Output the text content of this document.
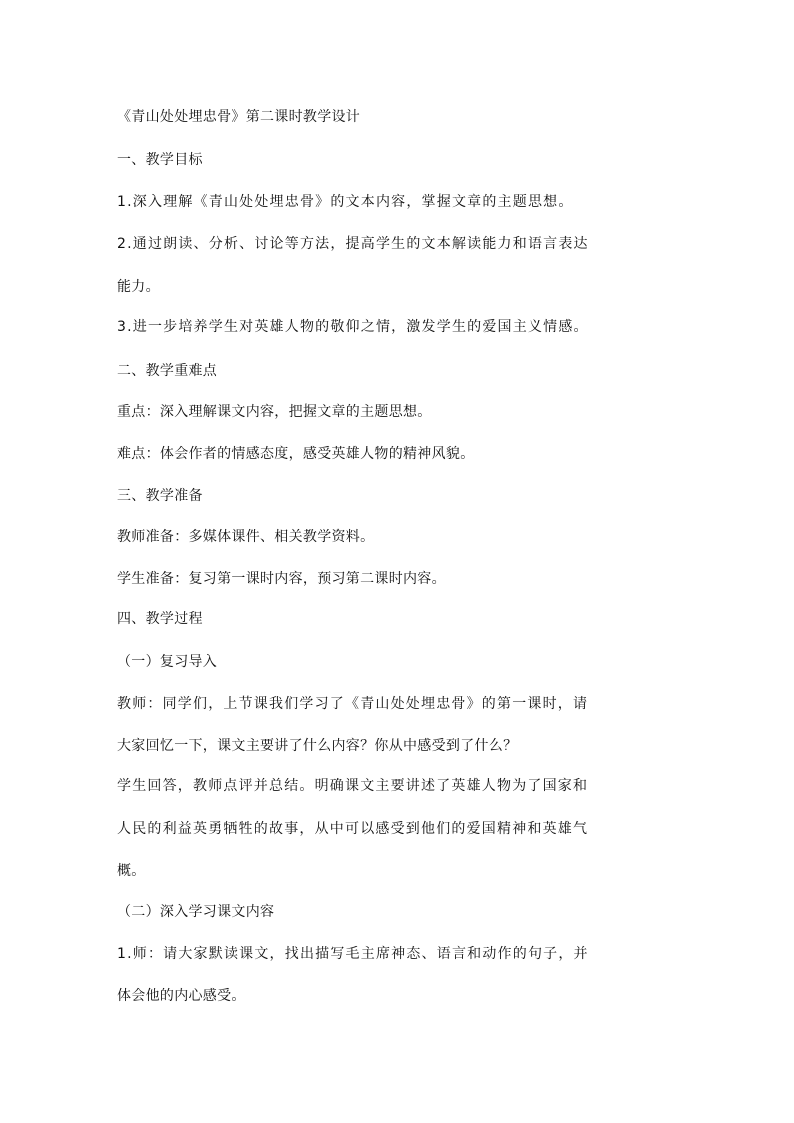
《青山处处埋忠骨》第二课时教学设计

一、教学目标

1.深入理解《青山处处埋忠骨》的文本内容，掌握文章的主题思想。

2.通过朗读、分析、讨论等方法，提高学生的文本解读能力和语言表达

能力。

3.进一步培养学生对英雄人物的敬仰之情，激发学生的爱国主义情感。

二、教学重难点

重点：深入理解课文内容，把握文章的主题思想。

难点：体会作者的情感态度，感受英雄人物的精神风貌。

三、教学准备

教师准备：多媒体课件、相关教学资料。

学生准备：复习第一课时内容，预习第二课时内容。

四、教学过程

（一）复习导入

教师：同学们，上节课我们学习了《青山处处埋忠骨》的第一课时，请

大家回忆一下，课文主要讲了什么内容？你从中感受到了什么？

学生回答，教师点评并总结。明确课文主要讲述了英雄人物为了国家和

人民的利益英勇牺牲的故事，从中可以感受到他们的爱国精神和英雄气

概。

（二）深入学习课文内容

1.师：请大家默读课文，找出描写毛主席神态、语言和动作的句子，并

体会他的内心感受。
